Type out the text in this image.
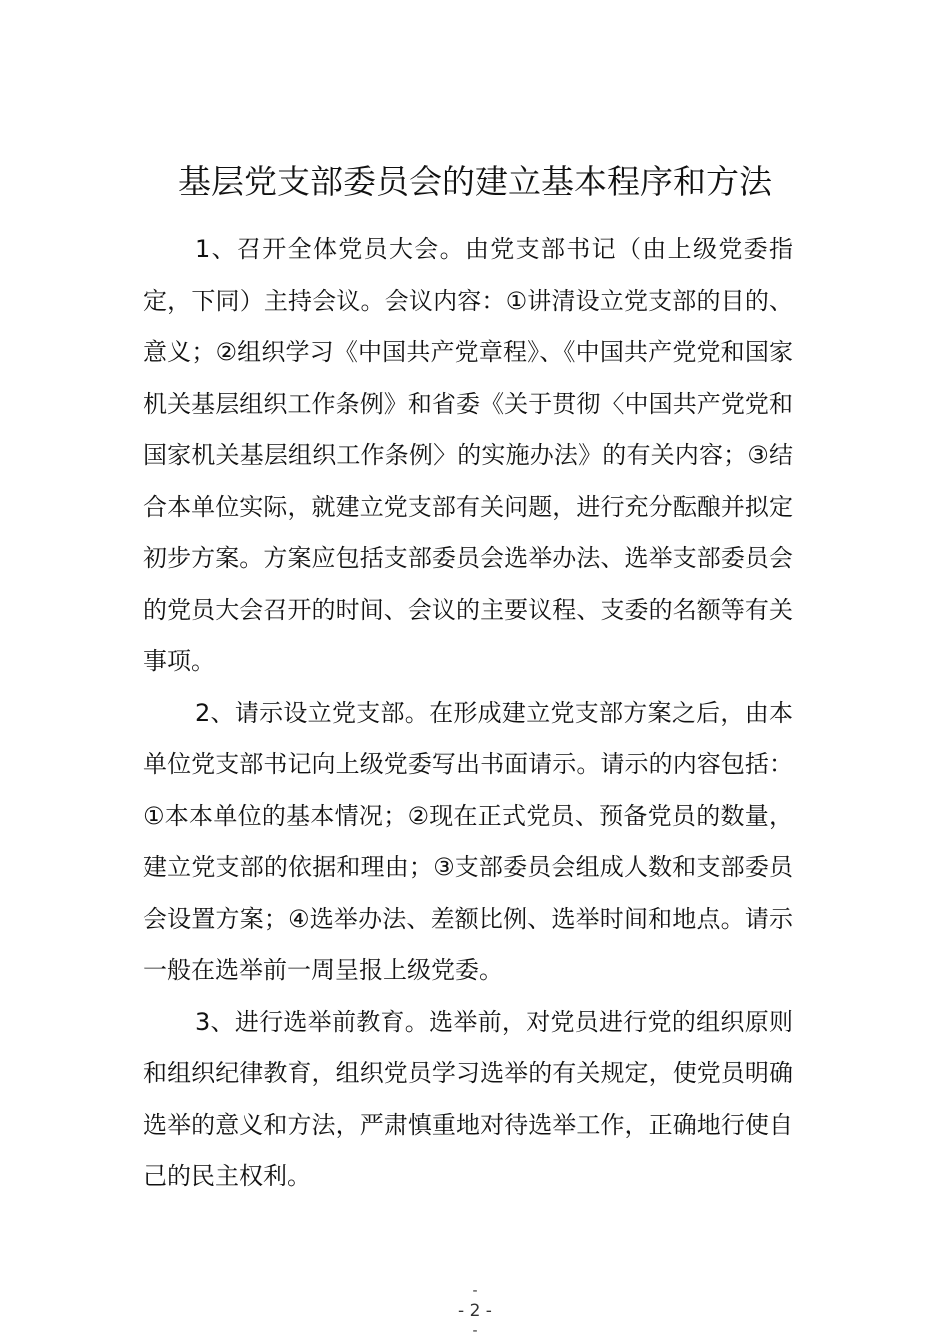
基层党支部委员会的建立基本程序和方法

1、召开全体党员大会。由党支部书记（由上级党委指定，下同）主持会议。会议内容：①讲清设立党支部的目的、意义；②组织学习《中国共产党章程》、《中国共产党党和国家机关基层组织工作条例》和省委《关于贯彻〈中国共产党党和国家机关基层组织工作条例〉的实施办法》的有关内容；③结合本单位实际，就建立党支部有关问题，进行充分酝酿并拟定初步方案。方案应包括支部委员会选举办法、选举支部委员会的党员大会召开的时间、会议的主要议程、支委的名额等有关事项。

2、请示设立党支部。在形成建立党支部方案之后，由本单位党支部书记向上级党委写出书面请示。请示的内容包括：①本本单位的基本情况；②现在正式党员、预备党员的数量，建立党支部的依据和理由；③支部委员会组成人数和支部委员会设置方案；④选举办法、差额比例、选举时间和地点。请示一般在选举前一周呈报上级党委。

3、进行选举前教育。选举前，对党员进行党的组织原则和组织纪律教育，组织党员学习选举的有关规定，使党员明确选举的意义和方法，严肃慎重地对待选举工作，正确地行使自己的民主权利。

-
- 2 -
-
